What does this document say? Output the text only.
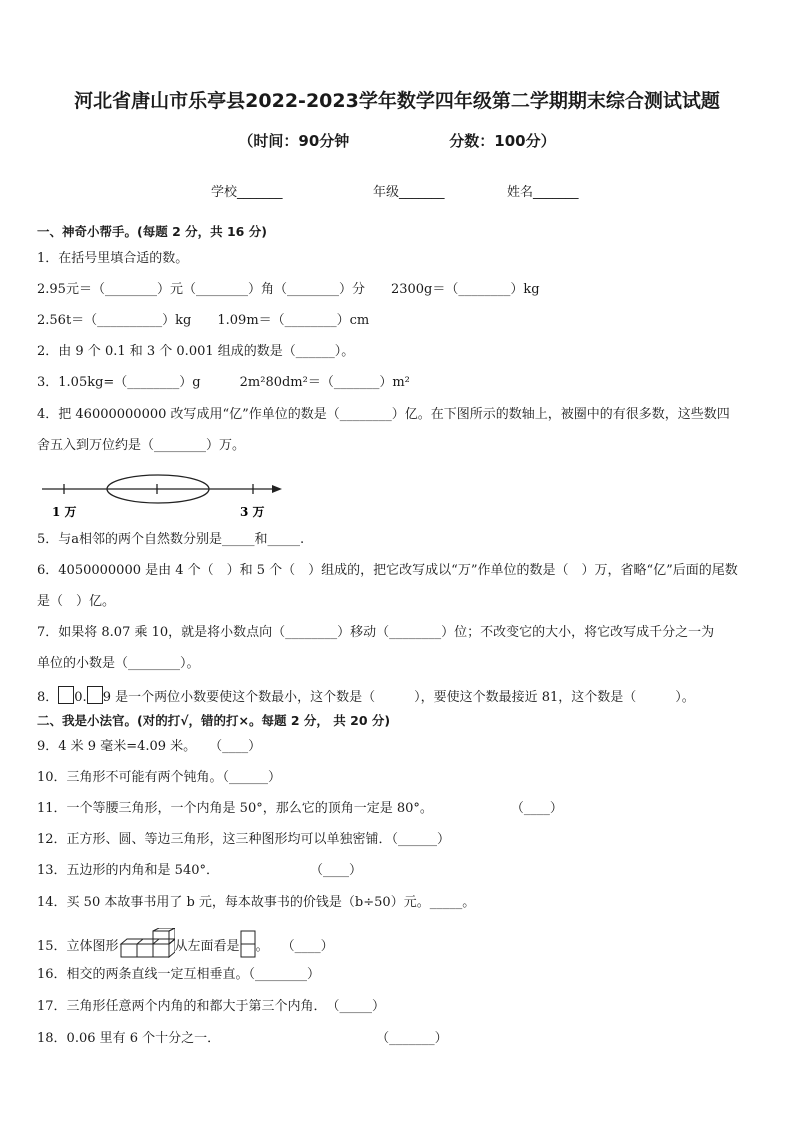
河北省唐山市乐亭县2022-2023学年数学四年级第二学期期末综合测试试题
（时间：90分钟	分数：100分）
学校_______	年级_______	姓名_______
一、神奇小帮手。(每题 2 分，共 16 分)
1．在括号里填合适的数。
2.95元＝（________）元（________）角（________）分　　2300g＝（________）kg
2.56t＝（__________）kg　　1.09m＝（________）cm
2．由 9 个 0.1 和 3 个 0.001 组成的数是（______）。
3．1.05kg=（________）g　　　2m²80dm²＝（_______）m²
4．把 46000000000 改写成用“亿”作单位的数是（________）亿。在下图所示的数轴上，被圈中的有很多数，这些数四
舍五入到万位约是（________）万。
1 万	3 万
5．与a相邻的两个自然数分别是_____和_____.
6．4050000000 是由 4 个（　）和 5 个（　）组成的，把它改写成以“万”作单位的数是（　）万，省略“亿”后面的尾数
是（　）亿。
7．如果将 8.07 乘 10，就是将小数点向（________）移动（________）位；不改变它的大小，将它改写成千分之一为
单位的小数是（________）。
8． 0. 9 是一个两位小数要使这个数最小，这个数是（　　　），要使这个数最接近 81，这个数是（　　　）。
二、我是小法官。(对的打√，错的打×。每题 2 分， 共 20 分)
9．4 米 9 毫米=4.09 米。　　（____）
10．三角形不可能有两个钝角。（______）
11．一个等腰三角形，一个内角是 50°，那么它的顶角一定是 80°。　　　　　　　（____）
12．正方形、圆、等边三角形，这三种图形均可以单独密铺．（______）
13．五边形的内角和是 540°．　　　　　　　　（____）
14．买 50 本故事书用了 b 元，每本故事书的价钱是（b÷50）元。_____。
15．立体图形	从左面看是 。　　（____）
16．相交的两条直线一定互相垂直。（________）
17．三角形任意两个内角的和都大于第三个内角．　（_____）
18．0.06 里有 6 个十分之一．　　　　　　　　　　　　　（_______）
